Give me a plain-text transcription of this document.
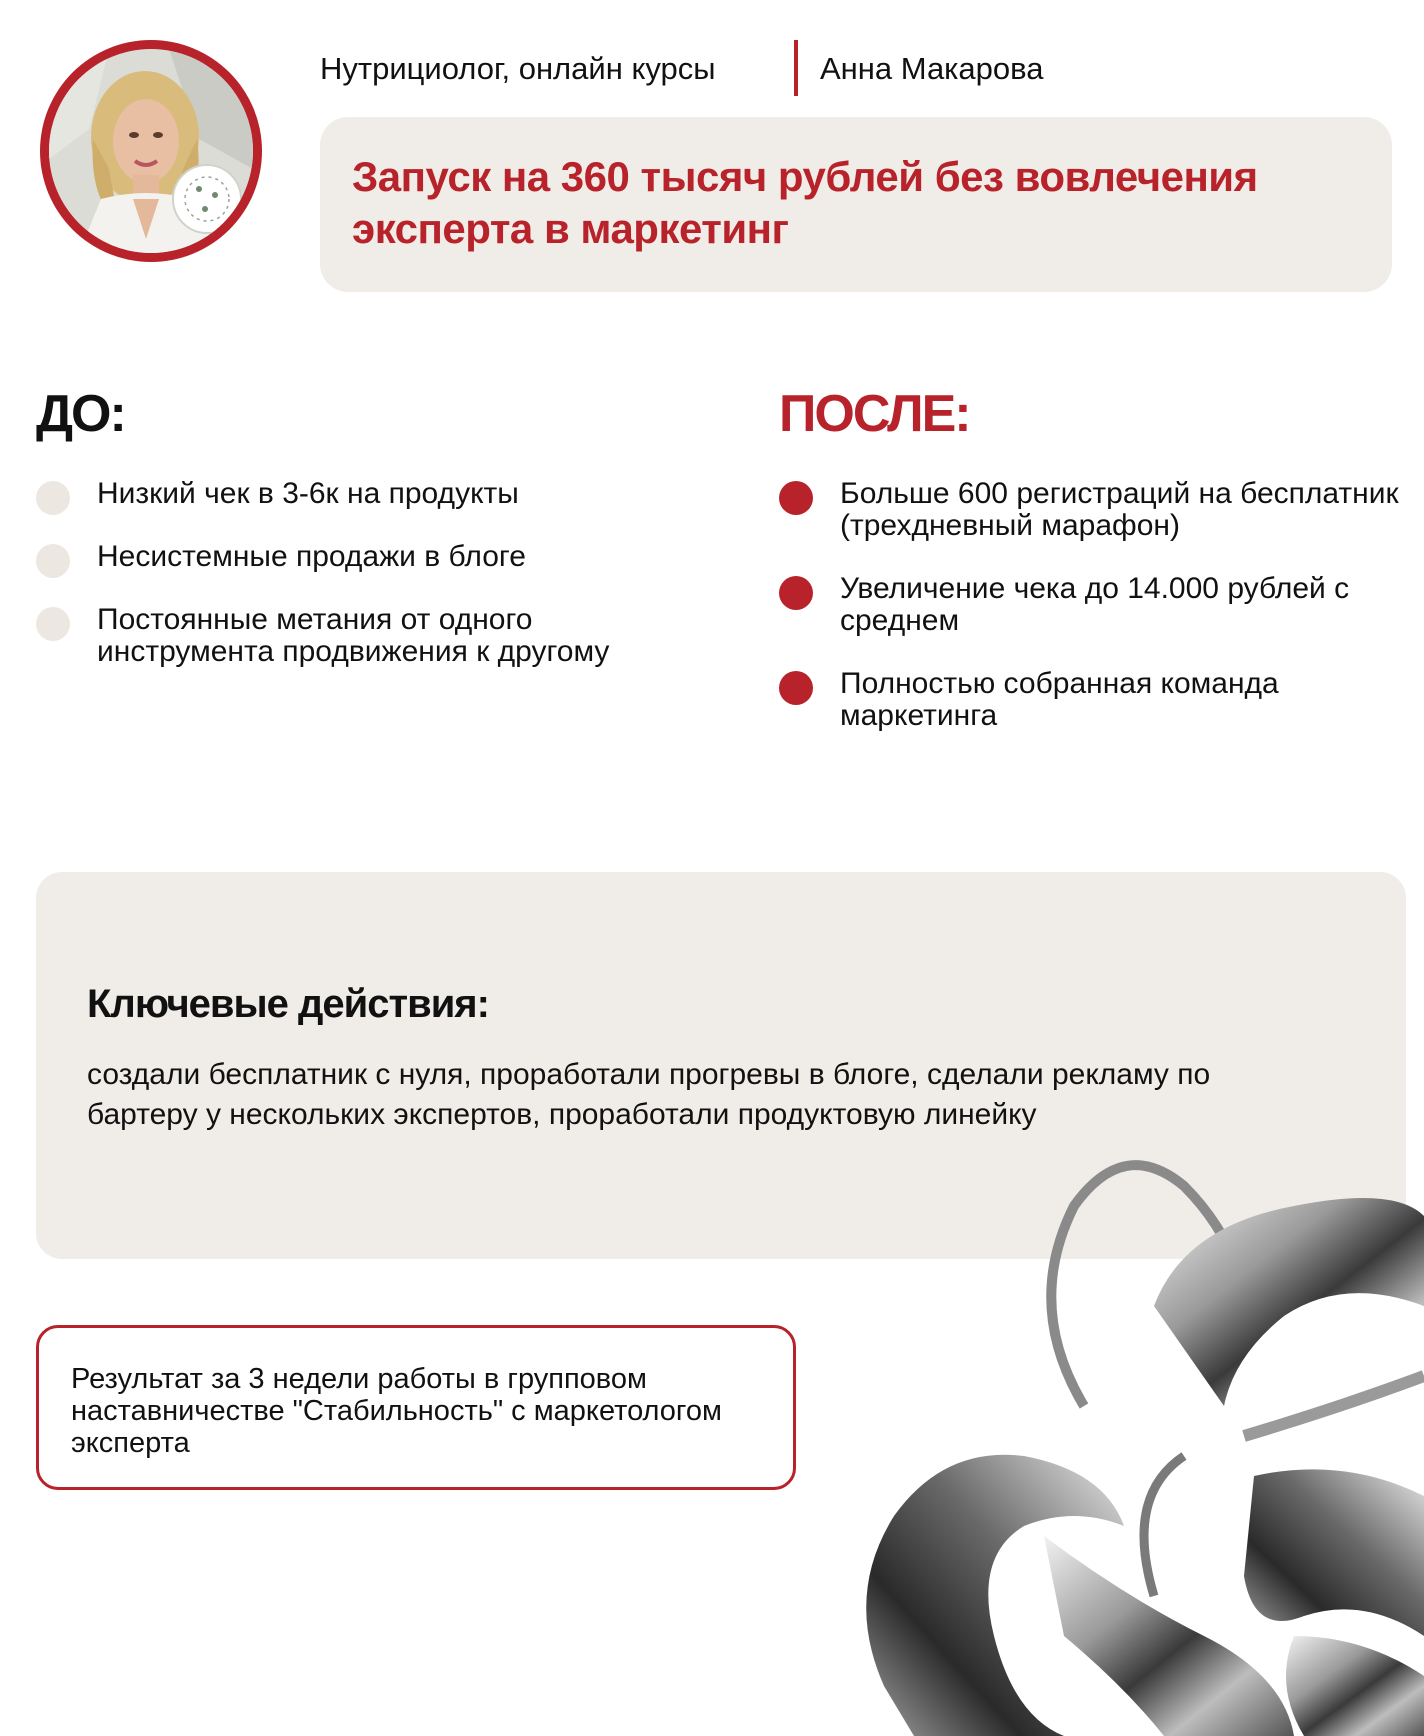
Нутрициолог, онлайн курсы	Анна Макарова
Запуск на 360 тысяч рублей без вовлечения
эксперта в маркетинг
ДО:
Низкий чек в 3-6к на продукты
Несистемные продажи в блоге
Постоянные метания от одного инструмента продвижения к другому
ПОСЛЕ:
Больше 600 регистраций на бесплатник (трехдневный марафон)
Увеличение чека до 14.000 рублей с среднем
Полностью собранная команда маркетинга
Ключевые действия:

создали бесплатник с нуля, проработали прогревы в блоге, сделали рекламу по бартеру у нескольких экспертов, проработали продуктовую линейку

Результат за 3 недели работы в групповом наставничестве "Стабильность" с маркетологом эксперта
